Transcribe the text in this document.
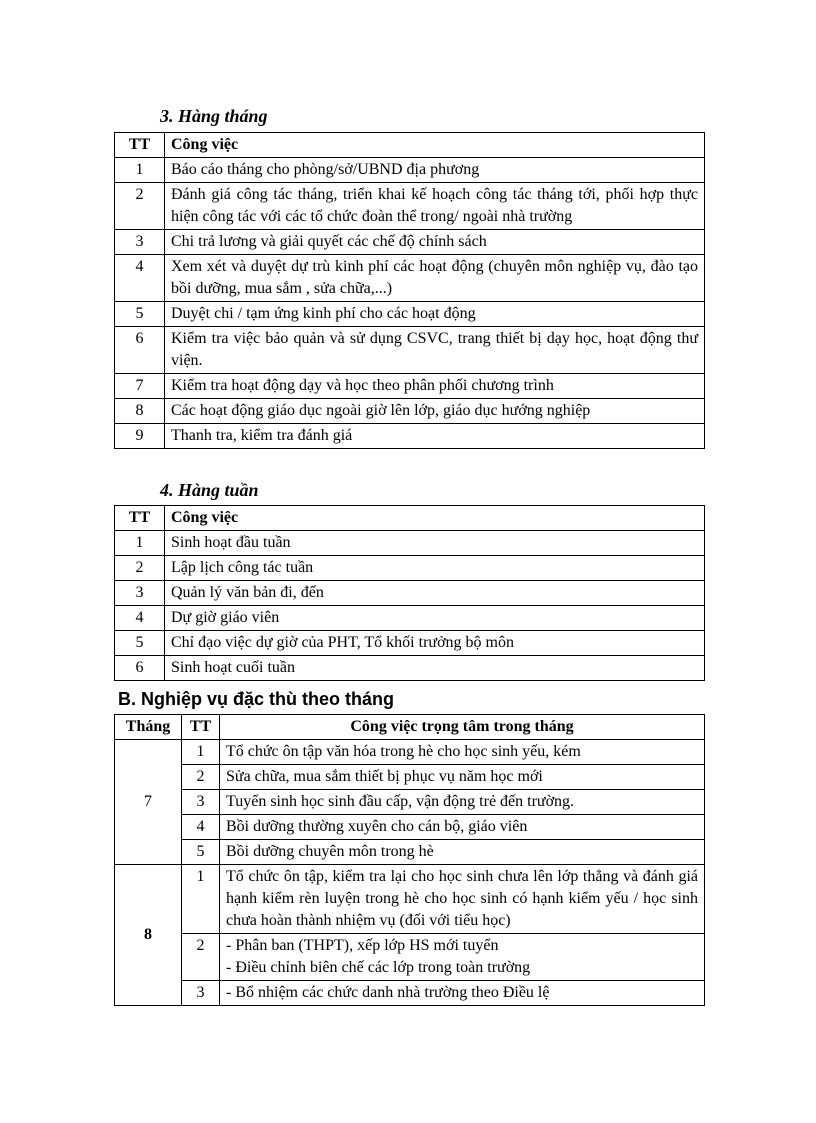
3. Hàng tháng
TT	Công việc
1	Báo cáo tháng cho phòng/sở/UBND địa phương
2	Đánh giá công tác tháng, triển khai kế hoạch công tác tháng tới, phối hợp thực hiện công tác với các tổ chức đoàn thể trong/ ngoài nhà trường
3	Chi trả lương và giải quyết các chế độ chính sách
4	Xem xét và duyệt dự trù kinh phí các hoạt động (chuyên môn nghiệp vụ, đào tạo bồi dưỡng, mua sắm , sửa chữa,...)
5	Duyệt chi / tạm ứng kinh phí cho các hoạt động
6	Kiểm tra việc bảo quản và sử dụng CSVC, trang thiết bị dạy học, hoạt động thư viện.
7	Kiểm tra hoạt động dạy và học theo phân phối chương trình
8	Các hoạt động giáo dục ngoài giờ lên lớp, giáo dục hướng nghiệp
9	Thanh tra, kiểm tra đánh giá
4. Hàng tuần
TT	Công việc
1	Sinh hoạt đầu tuần
2	Lập lịch công tác tuần
3	Quản lý văn bản đi, đến
4	Dự giờ giáo viên
5	Chỉ đạo việc dự giờ của PHT, Tổ khối trưởng bộ môn
6	Sinh hoạt cuối tuần
B. Nghiệp vụ đặc thù theo tháng
Tháng	TT	Công việc trọng tâm trong tháng
7	1	Tổ chức ôn tập văn hóa trong hè cho học sinh yếu, kém
	2	Sửa chữa, mua sắm thiết bị phục vụ năm học mới
	3	Tuyển sinh học sinh đầu cấp, vận động trẻ đến trường.
	4	Bồi dưỡng thường xuyên cho cán bộ, giáo viên
	5	Bồi dưỡng chuyên môn trong hè
8	1	Tổ chức ôn tập, kiểm tra lại cho học sinh chưa lên lớp thẳng và đánh giá hạnh kiểm rèn luyện trong hè cho học sinh có hạnh kiểm yếu / học sinh chưa hoàn thành nhiệm vụ (đối với tiểu học)
	2	- Phân ban (THPT), xếp lớp HS mới tuyển
- Điều chỉnh biên chế các lớp trong toàn trường

	3	- Bổ nhiệm các chức danh nhà trường theo Điều lệ
